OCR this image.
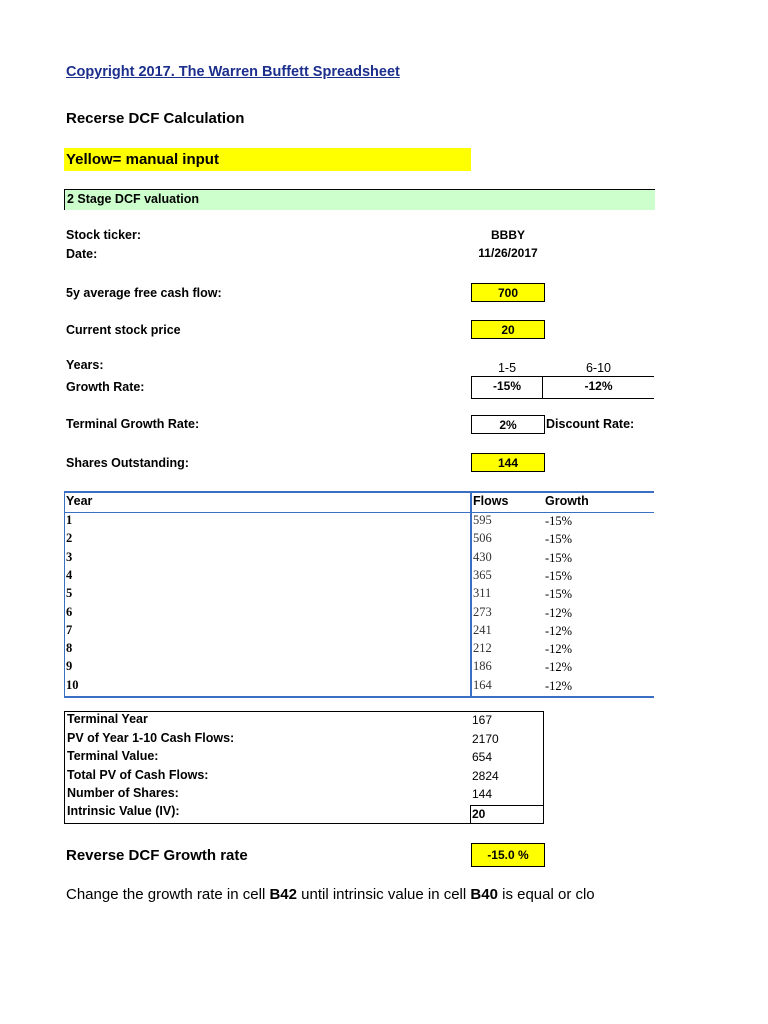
Copyright 2017. The Warren Buffett Spreadsheet
Recerse DCF Calculation
Yellow= manual input
2 Stage DCF valuation
Stock ticker:	BBBY
Date:	11/26/2017
5y average free cash flow:	700
Current stock price	20
Years:	1-5	6-10
Growth Rate:	-15%	-12%
Terminal Growth Rate:	2%	Discount Rate:
Shares Outstanding:	144
Year	Flows	Growth
1	595	-15%
2	506	-15%
3	430	-15%
4	365	-15%
5	311	-15%
6	273	-12%
7	241	-12%
8	212	-12%
9	186	-12%
10	164	-12%
Terminal Year	167
PV of Year 1-10 Cash Flows:	2170
Terminal Value:	654
Total PV of Cash Flows:	2824
Number of Shares:	144
Intrinsic Value (IV):	20
Reverse DCF Growth rate	-15.0 %
Change the growth rate in cell B42 until intrinsic value in cell B40 is equal or clo
